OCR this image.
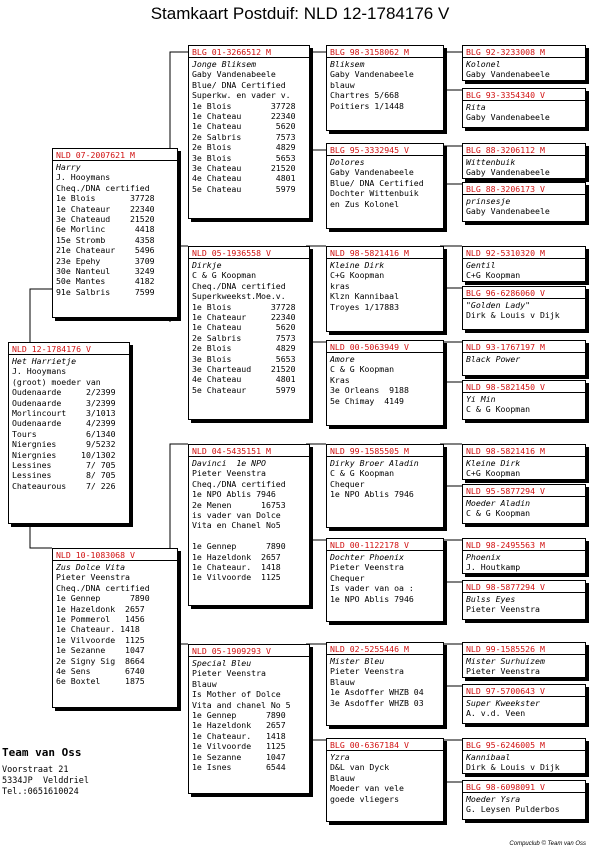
Stamkaart Postduif: NLD 12-1784176 V
NLD 12-1784176 V
Het Harrietje
J. Hooymans
(groot) moeder van
Oudenaarde     2/2399
Oudenaarde     3/2399
Morlincourt    3/1013
Oudenaarde     4/2399
Tours          6/1340
Niergnies      9/5232
Niergnies     10/1302
Lessines       7/ 705
Lessines       8/ 705
Chateaurous    7/ 226
NLD 07-2007621 M
Harry
J. Hooymans
Cheq./DNA certified
1e Blois       37728
1e Chateaur    22340
3e Chateaud    21520
6e Morlinc      4418
15e Stromb      4358
21e Chateaur    5496
23e Epehy       3709
30e Nanteul     3249
50e Mantes      4182
91e Salbris     7599
NLD 10-1083068 V
Zus Dolce Vita
Pieter Veenstra
Cheq./DNA certified
1e Gennep      7890
1e Hazeldonk  2657
1e Pommerol   1456
1e Chateaur. 1418
1e Vilvoorde  1125
1e Sezanne    1047
2e Signy Sig  8664
4e Sens       6740
6e Boxtel     1875
BLG 01-3266512 M
Jonge Bliksem
Gaby Vandenabeele
Blue/ DNA Certified
Superkw. en vader v.
1e Blois        37728
1e Chateau      22340
1e Chateau       5620
2e Salbris       7573
2e Blois         4829
3e Blois         5653
3e Chateau      21520
4e Chateau       4801
5e Chateau       5979
NLD 05-1936558 V
Dirkje
C & G Koopman
Cheq./DNA certified
Superkweekst.Moe.v.
1e Blois        37728
1e Chateaur     22340
1e Chateau       5620
2e Salbris       7573
2e Blois         4829
3e Blois         5653
3e Charteaud    21520
4e Chateau       4801
5e Chateaur      5979
NLD 04-5435151 M
Davinci  1e NPO
Pieter Veenstra
Cheq./DNA certified
1e NPO Ablis 7946
2e Menen      16753
is vader van Dolce
Vita en Chanel No5
1e Gennep      7890
1e Hazeldonk  2657
1e Chateaur.  1418
1e Vilvoorde  1125
NLD 05-1909293 V
Special Bleu
Pieter Veenstra
Blauw
Is Mother of Dolce
Vita and chanel No 5
1e Gennep      7890
1e Hazeldonk   2657
1e Chateaur.   1418
1e Vilvoorde   1125
1e Sezanne     1047
1e Isnes       6544
BLG 98-3158062 M
Bliksem
Gaby Vandenabeele
blauw
Chartres 5/668
Poitiers 1/1448
BLG 95-3332945 V
Dolores
Gaby Vandenabeele
Blue/ DNA Certified
Dochter Wittenbuik
en Zus Kolonel
NLD 98-5821416 M
Kleine Dirk
C+G Koopman
kras
Klzn Kannibaal
Troyes 1/17883
NLD 00-5063949 V
Amore
C & G Koopman
Kras
3e Orleans  9188
5e Chimay  4149
NLD 99-1585505 M
Dirky Broer Aladin
C & G Koopman
Chequer
1e NPO Ablis 7946
NLD 00-1122178 V
Dochter Phoenix
Pieter Veenstra
Chequer
Is vader van oa :
1e NPO Ablis 7946
NLD 02-5255446 M
Mister Bleu
Pieter Veenstra
Blauw
1e Asdoffer WHZB 04
3e Asdoffer WHZB 03
BLG 00-6367184 V
Yzra
D&L van Dyck
Blauw
Moeder van vele
goede vliegers
BLG 92-3233008 M
Kolonel
Gaby Vandenabeele
BLG 93-3354340 V
Rita
Gaby Vandenabeele
BLG 88-3206112 M
Wittenbuik
Gaby Vandenabeele
BLG 88-3206173 V
prinsesje
Gaby Vandenabeele
NLD 92-5310320 M
Gentil
C+G Koopman
BLG 96-6286060 V
"Golden Lady"
Dirk & Louis v Dijk
NLD 93-1767197 M
Black Power
NLD 98-5821450 V
Yi Min
C & G Koopman
NLD 98-5821416 M
Kleine Dirk
C+G Koopman
NLD 95-5877294 V
Moeder Aladin
C & G Koopman
NLD 98-2495563 M
Phoenix
J. Houtkamp
NLD 98-5877294 V
Bulss Eyes
Pieter Veenstra
NLD 99-1585526 M
Mister Surhuizem
Pieter Veenstra
NLD 97-5700643 V
Super Kweekster
A. v.d. Veen
BLG 95-6246005 M
Kannibaal
Dirk & Louis v Dijk
BLG 98-6098091 V
Moeder Ysra
G. Leysen Pulderbos
Team van Oss
Voorstraat 21
5334JP  Velddriel
Tel.:0651610024
Compuclub © Team van Oss
